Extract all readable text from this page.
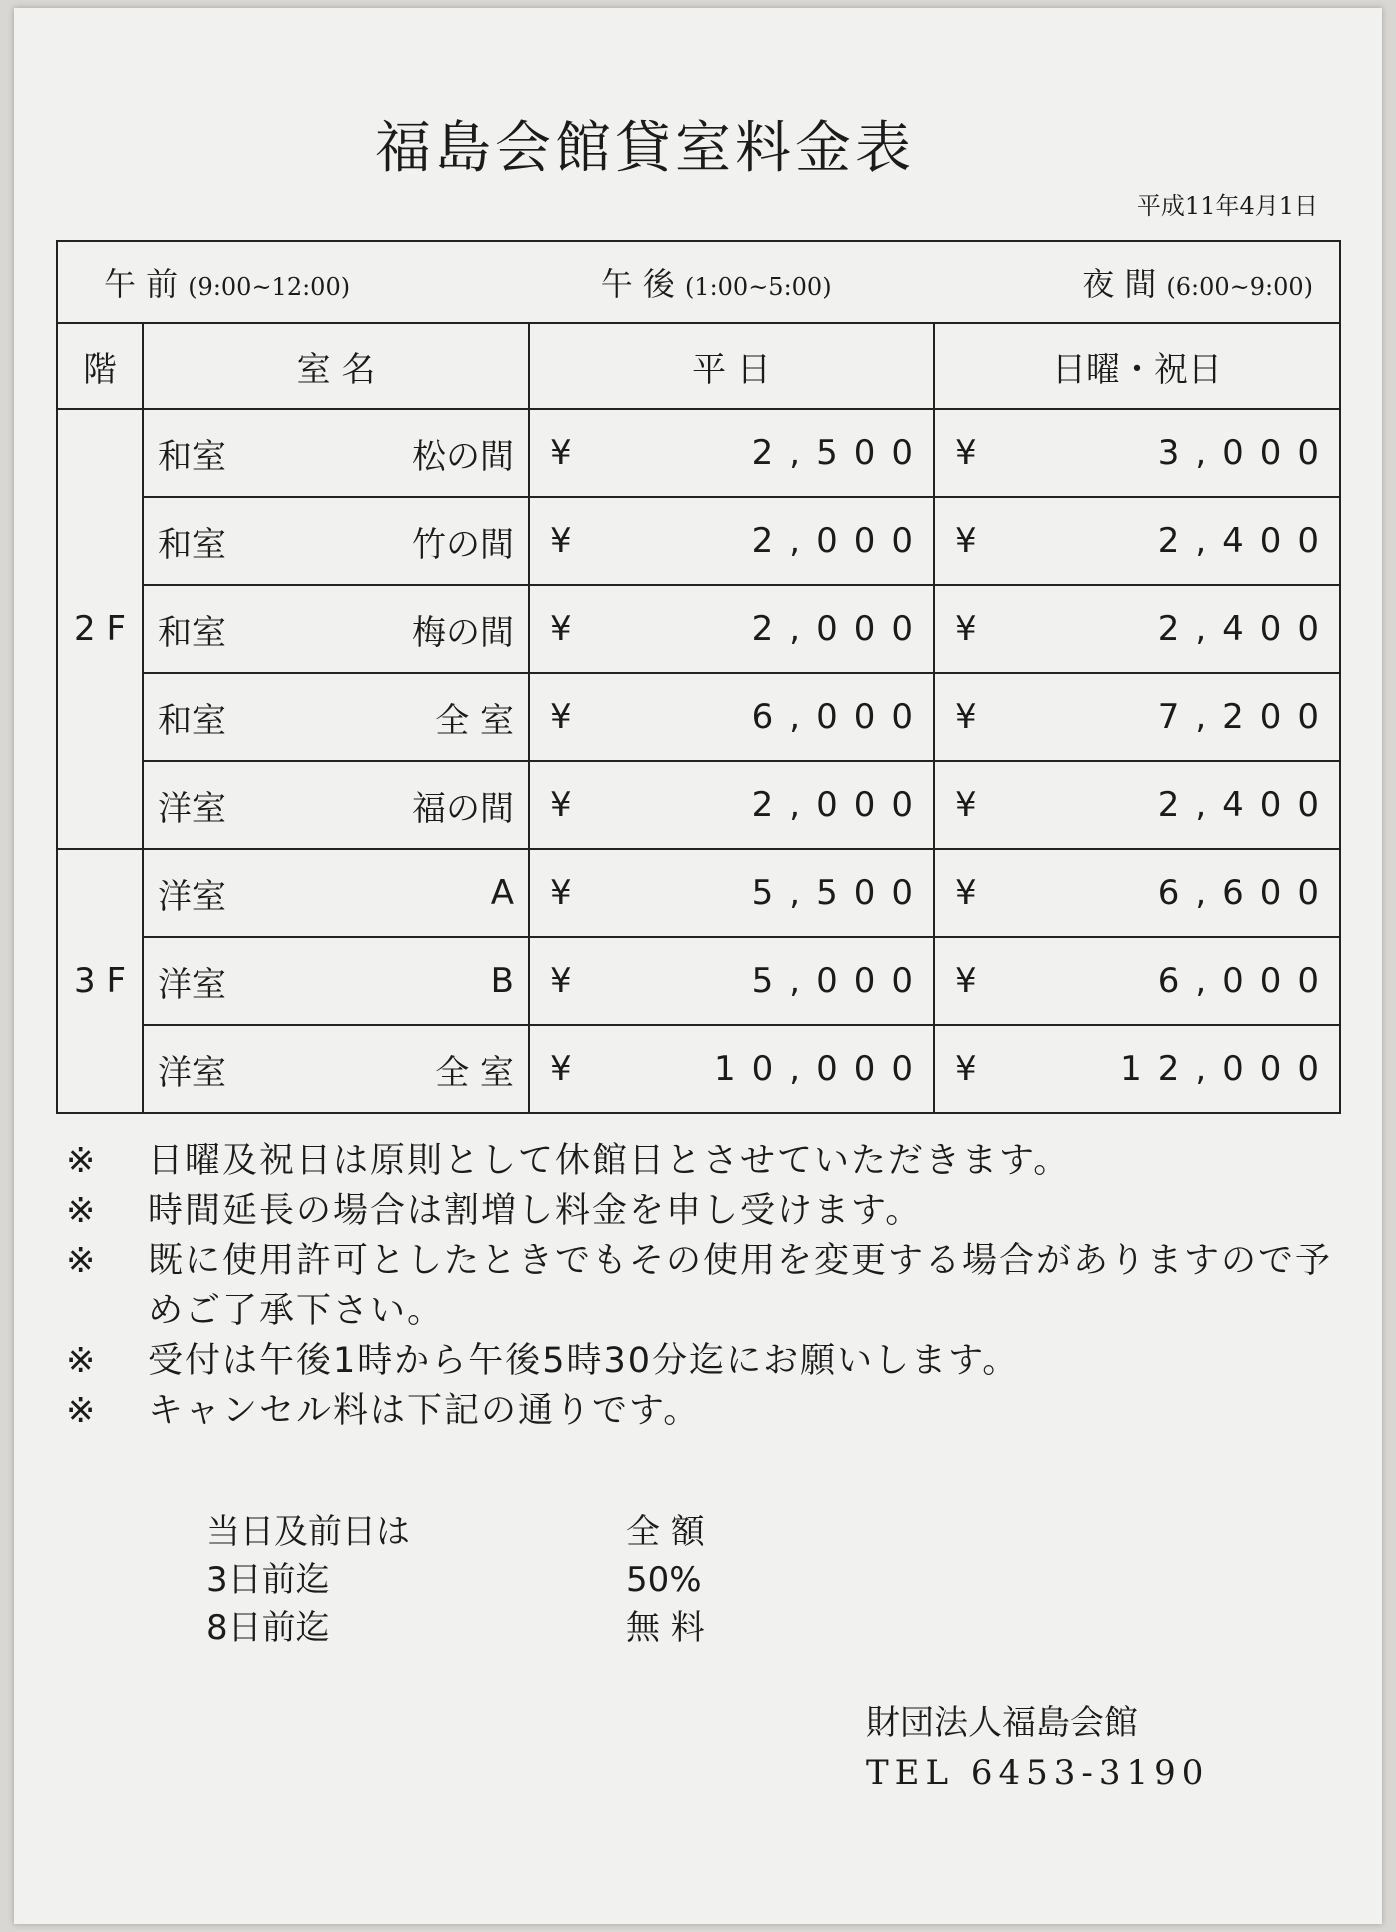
福島会館貸室料金表
平成11年4月1日
午 前 (9:00~12:00) 午 後 (1:00~5:00) 夜 間 (6:00~9:00)			

階	室 名	平 日	日曜・祝日
2 F	和室 松の間	¥ 2,500	¥ 3,000

	和室 竹の間	¥ 2,000	¥ 2,400

	和室 梅の間	¥ 2,000	¥ 2,400

	和室 全 室	¥ 6,000	¥ 7,200

	洋室 福の間	¥ 2,000	¥ 2,400

3 F	洋室 A	¥ 5,500	¥ 6,600

	洋室 B	¥ 5,000	¥ 6,000

	洋室 全 室	¥ 10,000	¥ 12,000
※	日曜及祝日は原則として休館日とさせていただきます。
※	時間延長の場合は割増し料金を申し受けます。
※	既に使用許可としたときでもその使用を変更する場合がありますので予めご了承下さい。
※	受付は午後1時から午後5時30分迄にお願いします。
※	キャンセル料は下記の通りです。
当日及前日は	全 額
3日前迄	50%
8日前迄	無 料
財団法人福島会館
TEL 6453-3190
